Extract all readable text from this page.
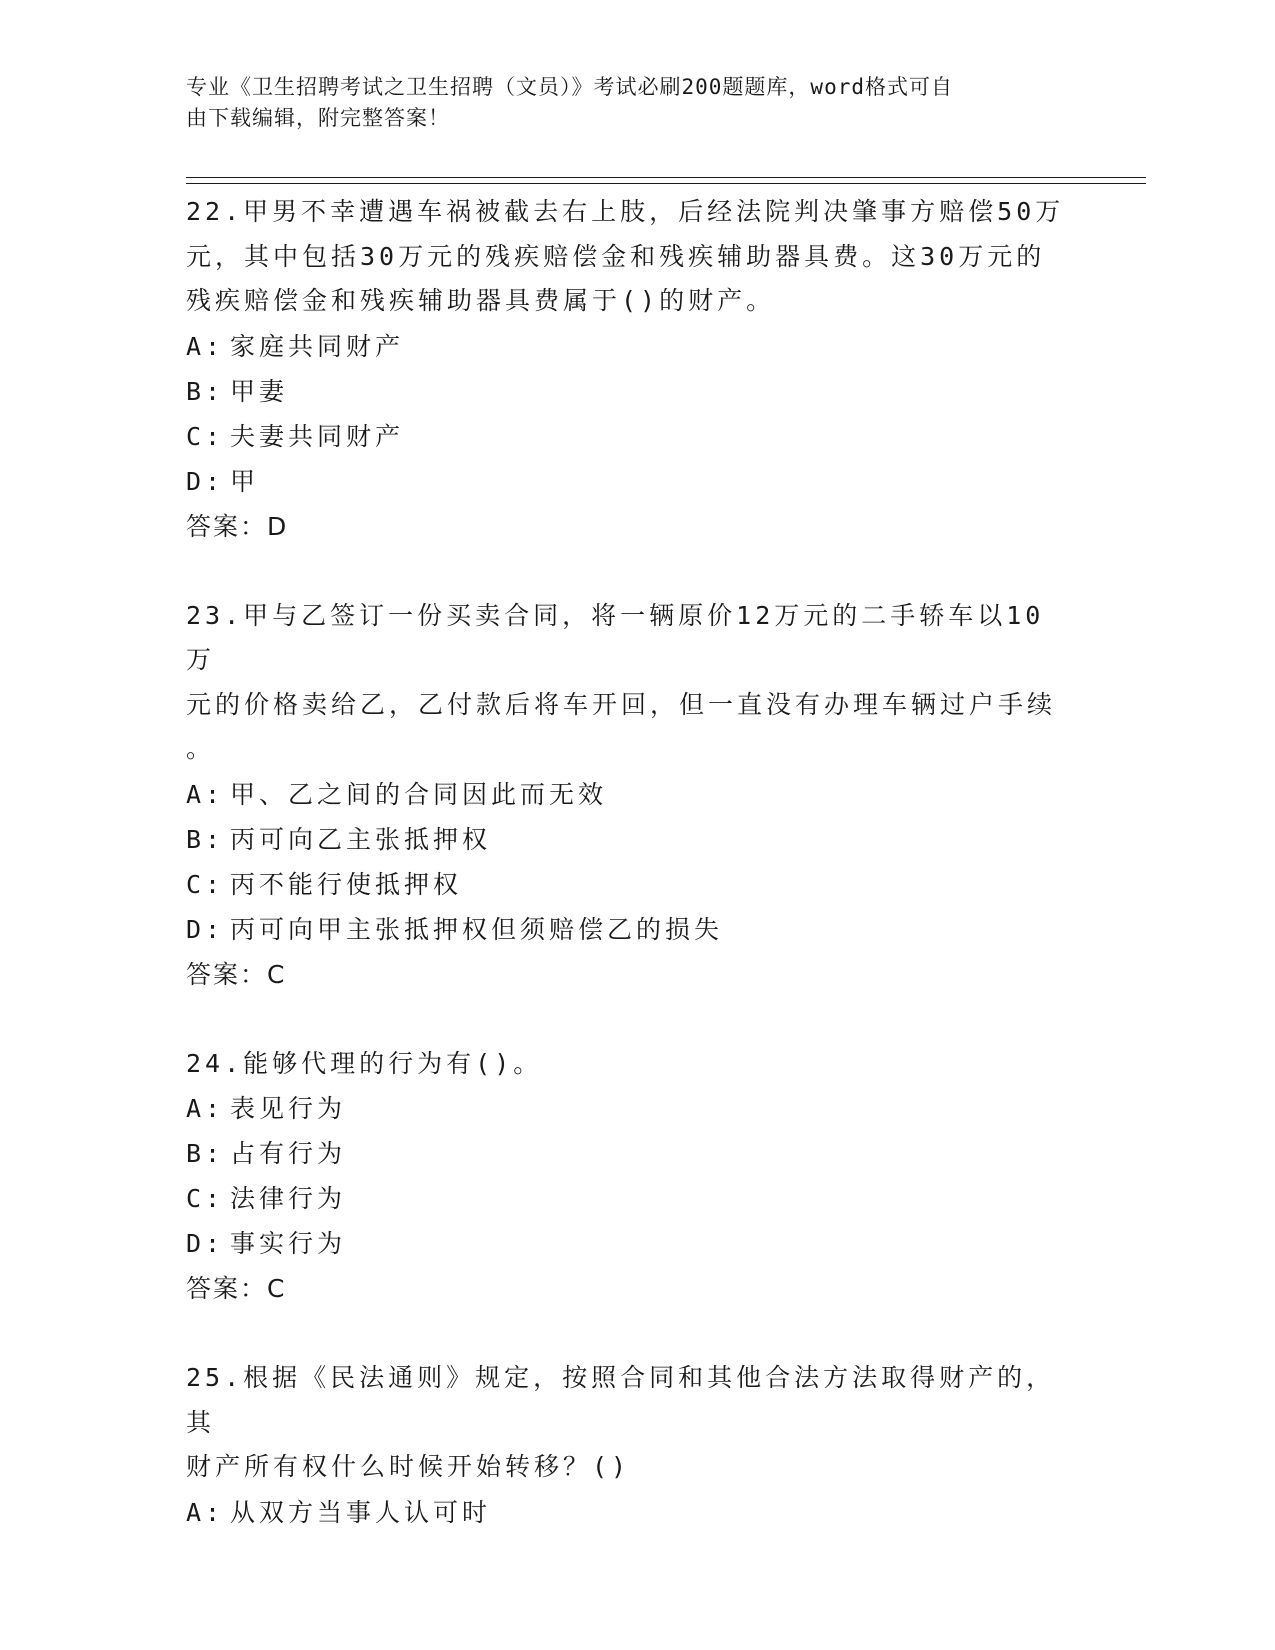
专业《卫生招聘考试之卫生招聘（文员）》考试必刷200题题库，word格式可自
由下载编辑，附完整答案！

22.甲男不幸遭遇车祸被截去右上肢，后经法院判决肇事方赔偿50万
元，其中包括30万元的残疾赔偿金和残疾辅助器具费。这30万元的
残疾赔偿金和残疾辅助器具费属于()的财产。

A: 家庭共同财产

B: 甲妻

C: 夫妻共同财产

D: 甲

答案：D

23.甲与乙签订一份买卖合同，将一辆原价12万元的二手轿车以10万
元的价格卖给乙，乙付款后将车开回，但一直没有办理车辆过户手续
。

A: 甲、乙之间的合同因此而无效

B: 丙可向乙主张抵押权

C: 丙不能行使抵押权

D: 丙可向甲主张抵押权但须赔偿乙的损失

答案：C

24.能够代理的行为有()。

A: 表见行为

B: 占有行为

C: 法律行为

D: 事实行为

答案：C

25.根据《民法通则》规定，按照合同和其他合法方法取得财产的，其
财产所有权什么时候开始转移？()

A: 从双方当事人认可时
